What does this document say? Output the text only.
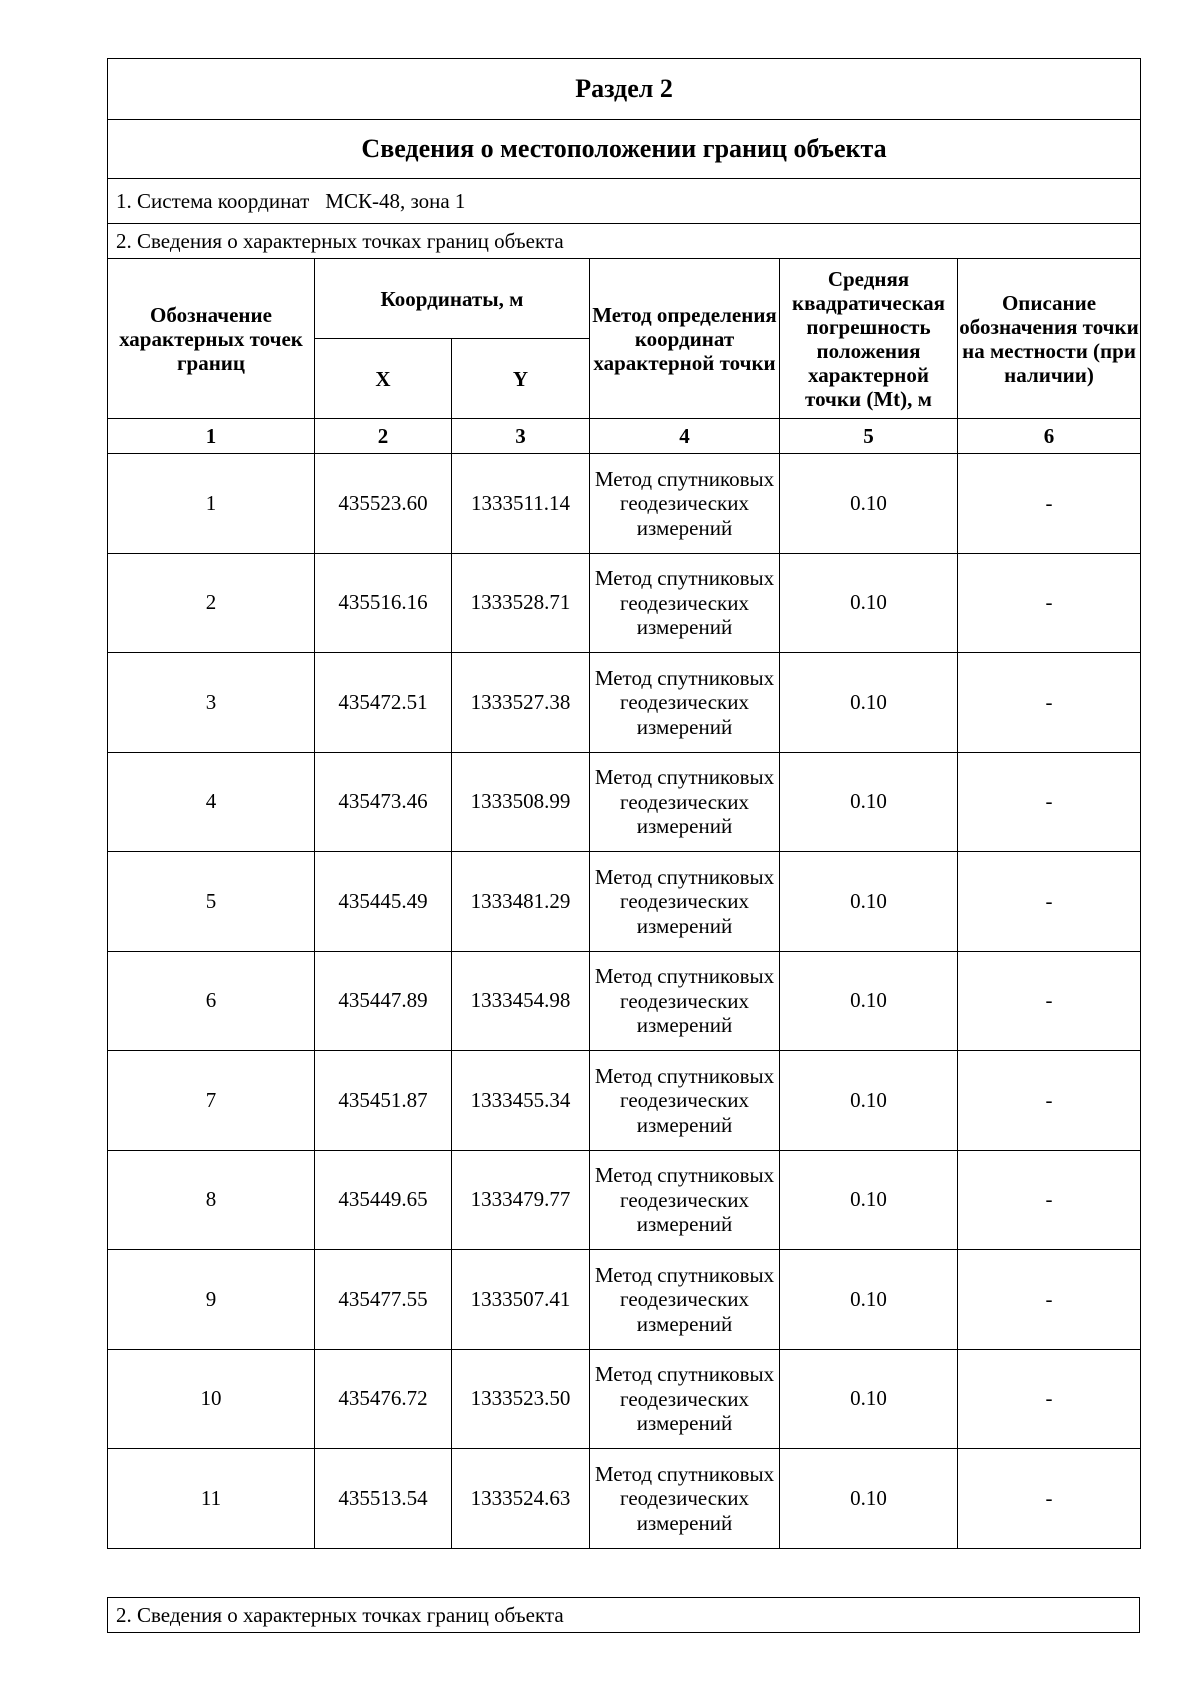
Раздел 2					
Сведения о местоположении границ объекта					
1. Система координат МСК-48, зона 1					
2. Сведения о характерных точках границ объекта					
Обозначение характерных точек границ	Координаты, м		Метод определения координат характерной точки	Средняя квадратическая погрешность положения характерной точки (Mt), м	Описание обозначения точки на местности (при наличии)
	X	Y			
1	2	3	4	5	6
1	435523.60	1333511.14	Метод спутниковых геодезических измерений	0.10	-
2	435516.16	1333528.71	Метод спутниковых геодезических измерений	0.10	-
3	435472.51	1333527.38	Метод спутниковых геодезических измерений	0.10	-
4	435473.46	1333508.99	Метод спутниковых геодезических измерений	0.10	-
5	435445.49	1333481.29	Метод спутниковых геодезических измерений	0.10	-
6	435447.89	1333454.98	Метод спутниковых геодезических измерений	0.10	-
7	435451.87	1333455.34	Метод спутниковых геодезических измерений	0.10	-
8	435449.65	1333479.77	Метод спутниковых геодезических измерений	0.10	-
9	435477.55	1333507.41	Метод спутниковых геодезических измерений	0.10	-
10	435476.72	1333523.50	Метод спутниковых геодезических измерений	0.10	-
11	435513.54	1333524.63	Метод спутниковых геодезических измерений	0.10	-
2. Сведения о характерных точках границ объекта
